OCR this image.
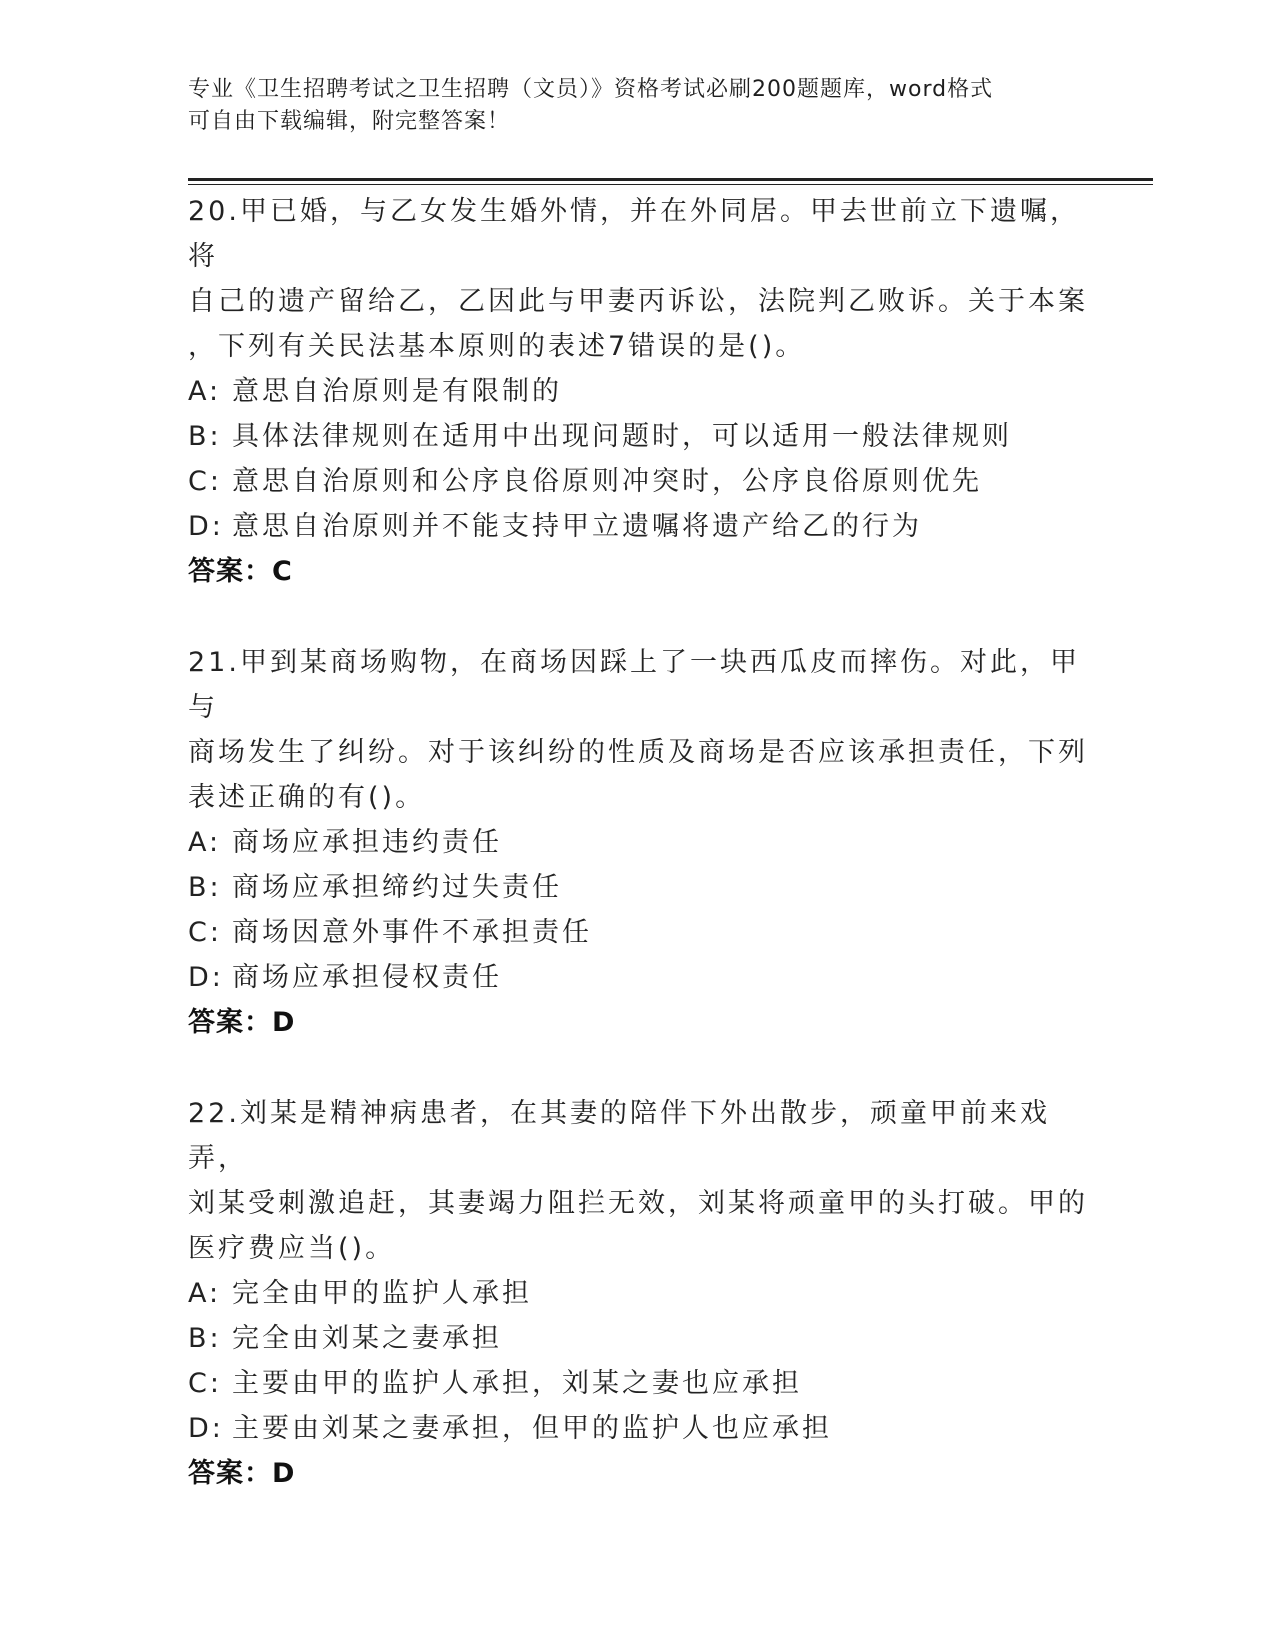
专业《卫生招聘考试之卫生招聘（文员）》资格考试必刷200题题库，word格式
可自由下载编辑，附完整答案！

20.甲已婚，与乙女发生婚外情，并在外同居。甲去世前立下遗嘱，将
自己的遗产留给乙，乙因此与甲妻丙诉讼，法院判乙败诉。关于本案
，下列有关民法基本原则的表述7错误的是()。

A: 意思自治原则是有限制的

B: 具体法律规则在适用中出现问题时，可以适用一般法律规则

C: 意思自治原则和公序良俗原则冲突时，公序良俗原则优先

D: 意思自治原则并不能支持甲立遗嘱将遗产给乙的行为

答案：C

21.甲到某商场购物，在商场因踩上了一块西瓜皮而摔伤。对此，甲与
商场发生了纠纷。对于该纠纷的性质及商场是否应该承担责任，下列
表述正确的有()。

A: 商场应承担违约责任

B: 商场应承担缔约过失责任

C: 商场因意外事件不承担责任

D: 商场应承担侵权责任

答案：D

22.刘某是精神病患者，在其妻的陪伴下外出散步，顽童甲前来戏弄，
刘某受刺激追赶，其妻竭力阻拦无效，刘某将顽童甲的头打破。甲的
医疗费应当()。

A: 完全由甲的监护人承担

B: 完全由刘某之妻承担

C: 主要由甲的监护人承担，刘某之妻也应承担

D: 主要由刘某之妻承担，但甲的监护人也应承担

答案：D
